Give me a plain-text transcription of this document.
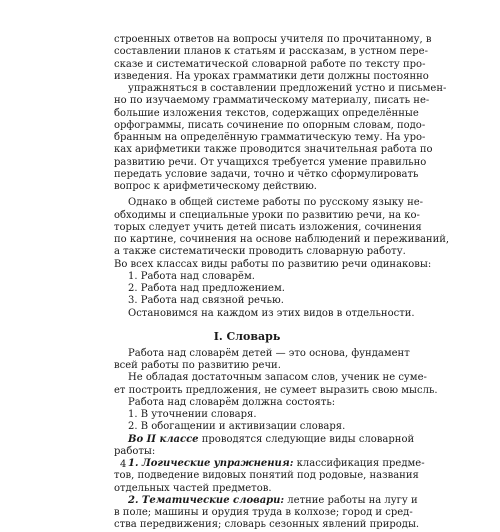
строенных ответов на вопросы учителя по прочитанному, в
составлении планов к статьям и рассказам, в устном пере-
сказе и систематической словарной работе по тексту про-
изведения. На уроках грамматики дети должны постоянно
упражняться в составлении предложений устно и письмен-
но по изучаемому грамматическому материалу, писать не-
большие изложения текстов, содержащих определённые
орфограммы, писать сочинение по опорным словам, подо-
бранным на определённую грамматическую тему. На уро-
ках арифметики также проводится значительная работа по
развитию речи. От учащихся требуется умение правильно
передать условие задачи, точно и чётко сформулировать
вопрос к арифметическому действию.
Однако в общей системе работы по русскому языку не-
обходимы и специальные уроки по развитию речи, на ко-
торых следует учить детей писать изложения, сочинения
по картине, сочинения на основе наблюдений и переживаний,
а также систематически проводить словарную работу.
Во всех классах виды работы по развитию речи одинаковы:
1. Работа над словарём.
2. Работа над предложением.
3. Работа над связной речью.
Остановимся на каждом из этих видов в отдельности.
I. Словарь
Работа над словарём детей — это основа, фундамент
всей работы по развитию речи.
Не обладая достаточным запасом слов, ученик не суме-
ет построить предложения, не сумеет выразить свою мысль.
Работа над словарём должна состоять:
1. В уточнении словаря.
2. В обогащении и активизации словаря.
Во II классе проводятся следующие виды словарной
работы:
1. Логические упражнения: классификация предме-
тов, подведение видовых понятий под родовые, названия
отдельных частей предметов.
2. Тематические словари: летние работы на лугу и
в поле; машины и орудия труда в колхозе; город и сред-
ства передвижения; словарь сезонных явлений природы.
4
